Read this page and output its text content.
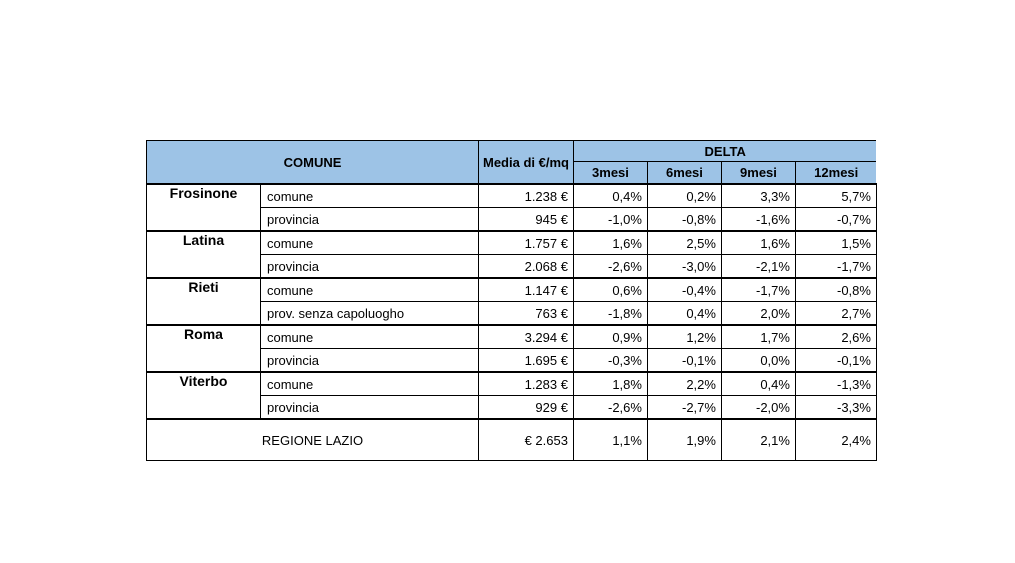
COMUNE		Media di €/mq	DELTA			
			3mesi	6mesi	9mesi	12mesi
Frosinone	comune	1.238 €	0,4%	0,2%	3,3%	5,7%
	provincia	945 €	-1,0%	-0,8%	-1,6%	-0,7%
Latina	comune	1.757 €	1,6%	2,5%	1,6%	1,5%
	provincia	2.068 €	-2,6%	-3,0%	-2,1%	-1,7%
Rieti	comune	1.147 €	0,6%	-0,4%	-1,7%	-0,8%
	prov. senza capoluogho	763 €	-1,8%	0,4%	2,0%	2,7%
Roma	comune	3.294 €	0,9%	1,2%	1,7%	2,6%
	provincia	1.695 €	-0,3%	-0,1%	0,0%	-0,1%
Viterbo	comune	1.283 €	1,8%	2,2%	0,4%	-1,3%
	provincia	929 €	-2,6%	-2,7%	-2,0%	-3,3%
REGIONE LAZIO		€ 2.653	1,1%	1,9%	2,1%	2,4%
